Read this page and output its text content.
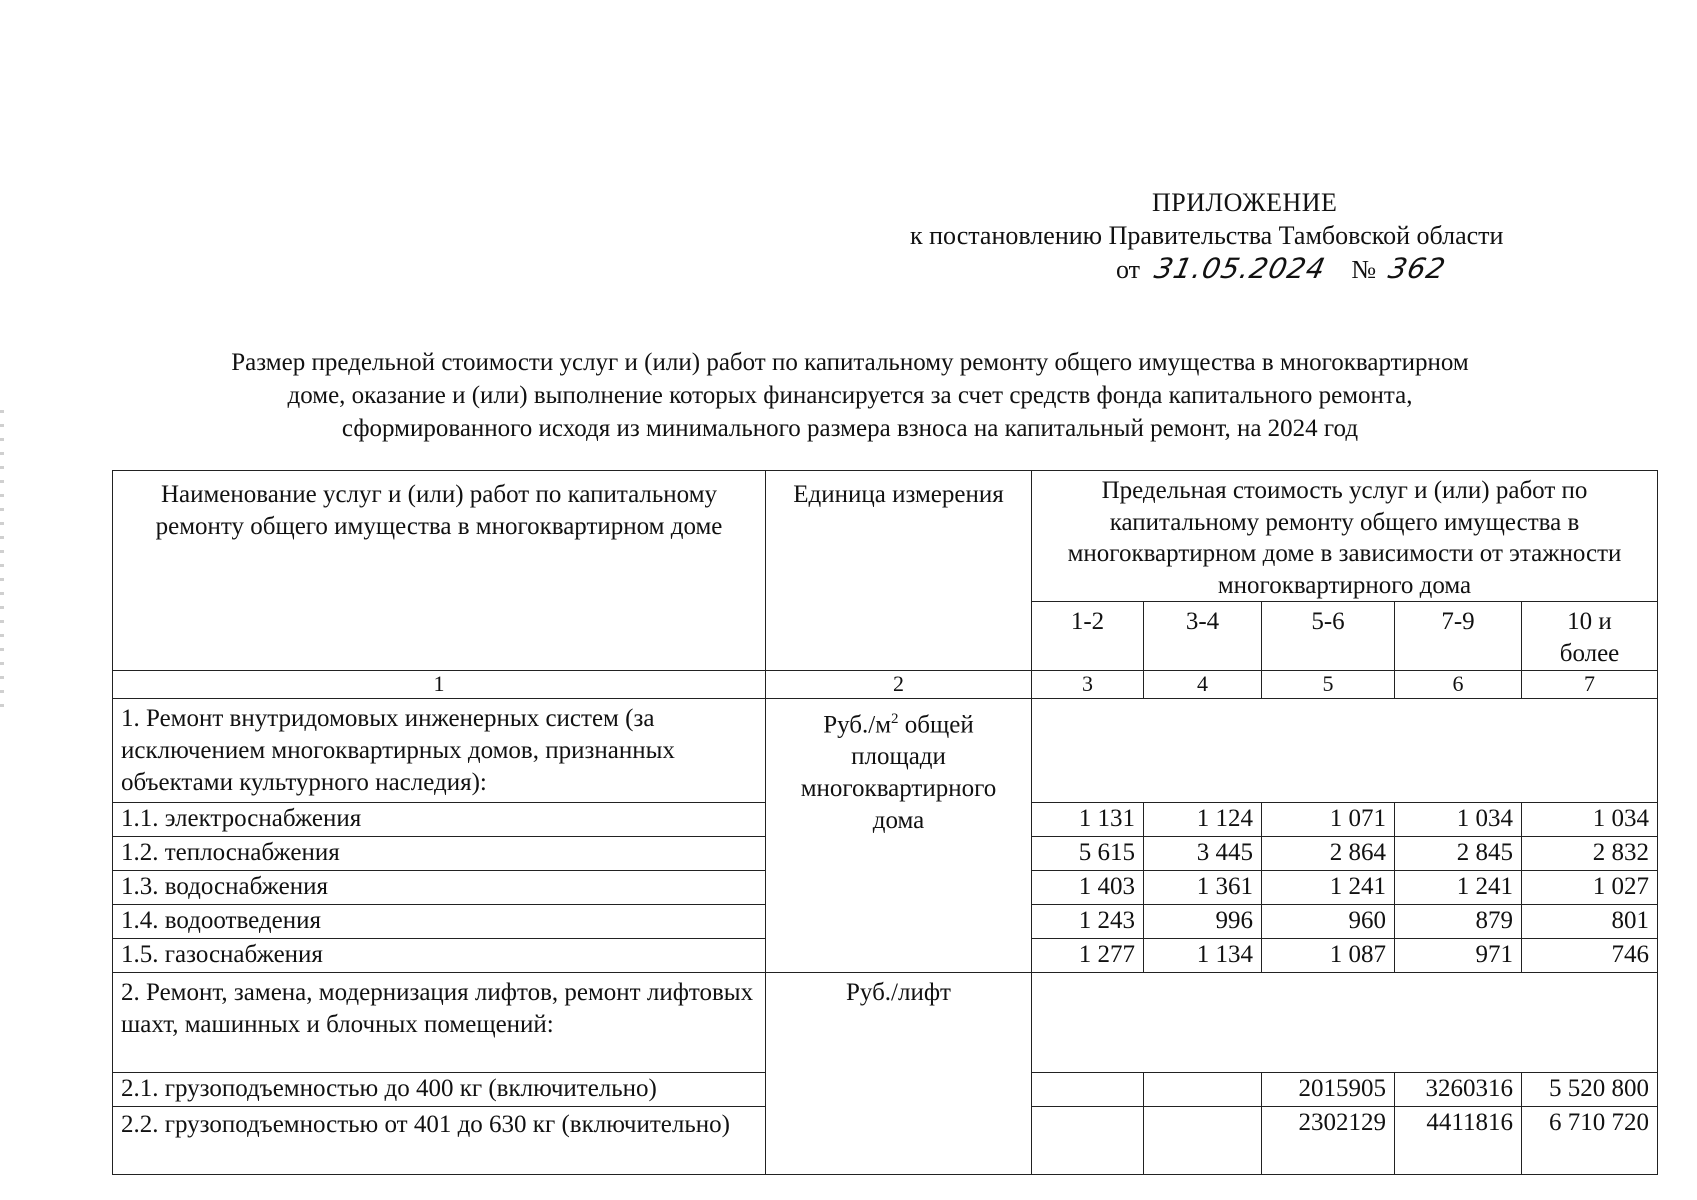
ПРИЛОЖЕНИЕ
к постановлению Правительства Тамбовской области
от 31.05.2024 № 362
Размер предельной стоимости услуг и (или) работ по капитальному ремонту общего имущества в многоквартирном
доме, оказание и (или) выполнение которых финансируется за счет средств фонда капитального ремонта,
сформированного исходя из минимального размера взноса на капитальный ремонт, на 2024 год
Наименование услуг и (или) работ по капитальному ремонту общего имущества в многоквартирном доме	Единица измерения	Предельная стоимость услуг и (или) работ по капитальному ремонту общего имущества в многоквартирном доме в зависимости от этажности многоквартирного дома				
		1-2	3-4	5-6	7-9	10 и более
1	2	3	4	5	6	7
1. Ремонт внутридомовых инженерных систем (за исключением многоквартирных домов, признанных объектами культурного наследия):	$Руб./м^2$ общей площади многоквартирного дома					
1.1. электроснабжения		1 131	1 124	1 071	1 034	1 034
1.2. теплоснабжения		5 615	3 445	2 864	2 845	2 832
1.3. водоснабжения		1 403	1 361	1 241	1 241	1 027
1.4. водоотведения		1 243	996	960	879	801
1.5. газоснабжения		1 277	1 134	1 087	971	746
2. Ремонт, замена, модернизация лифтов, ремонт лифтовых шахт, машинных и блочных помещений:	Руб./лифт					
2.1. грузоподъемностью до 400 кг (включительно)				2015905	3260316	5 520 800
2.2. грузоподъемностью от 401 до 630 кг (включительно)				2302129	4411816	6 710 720
